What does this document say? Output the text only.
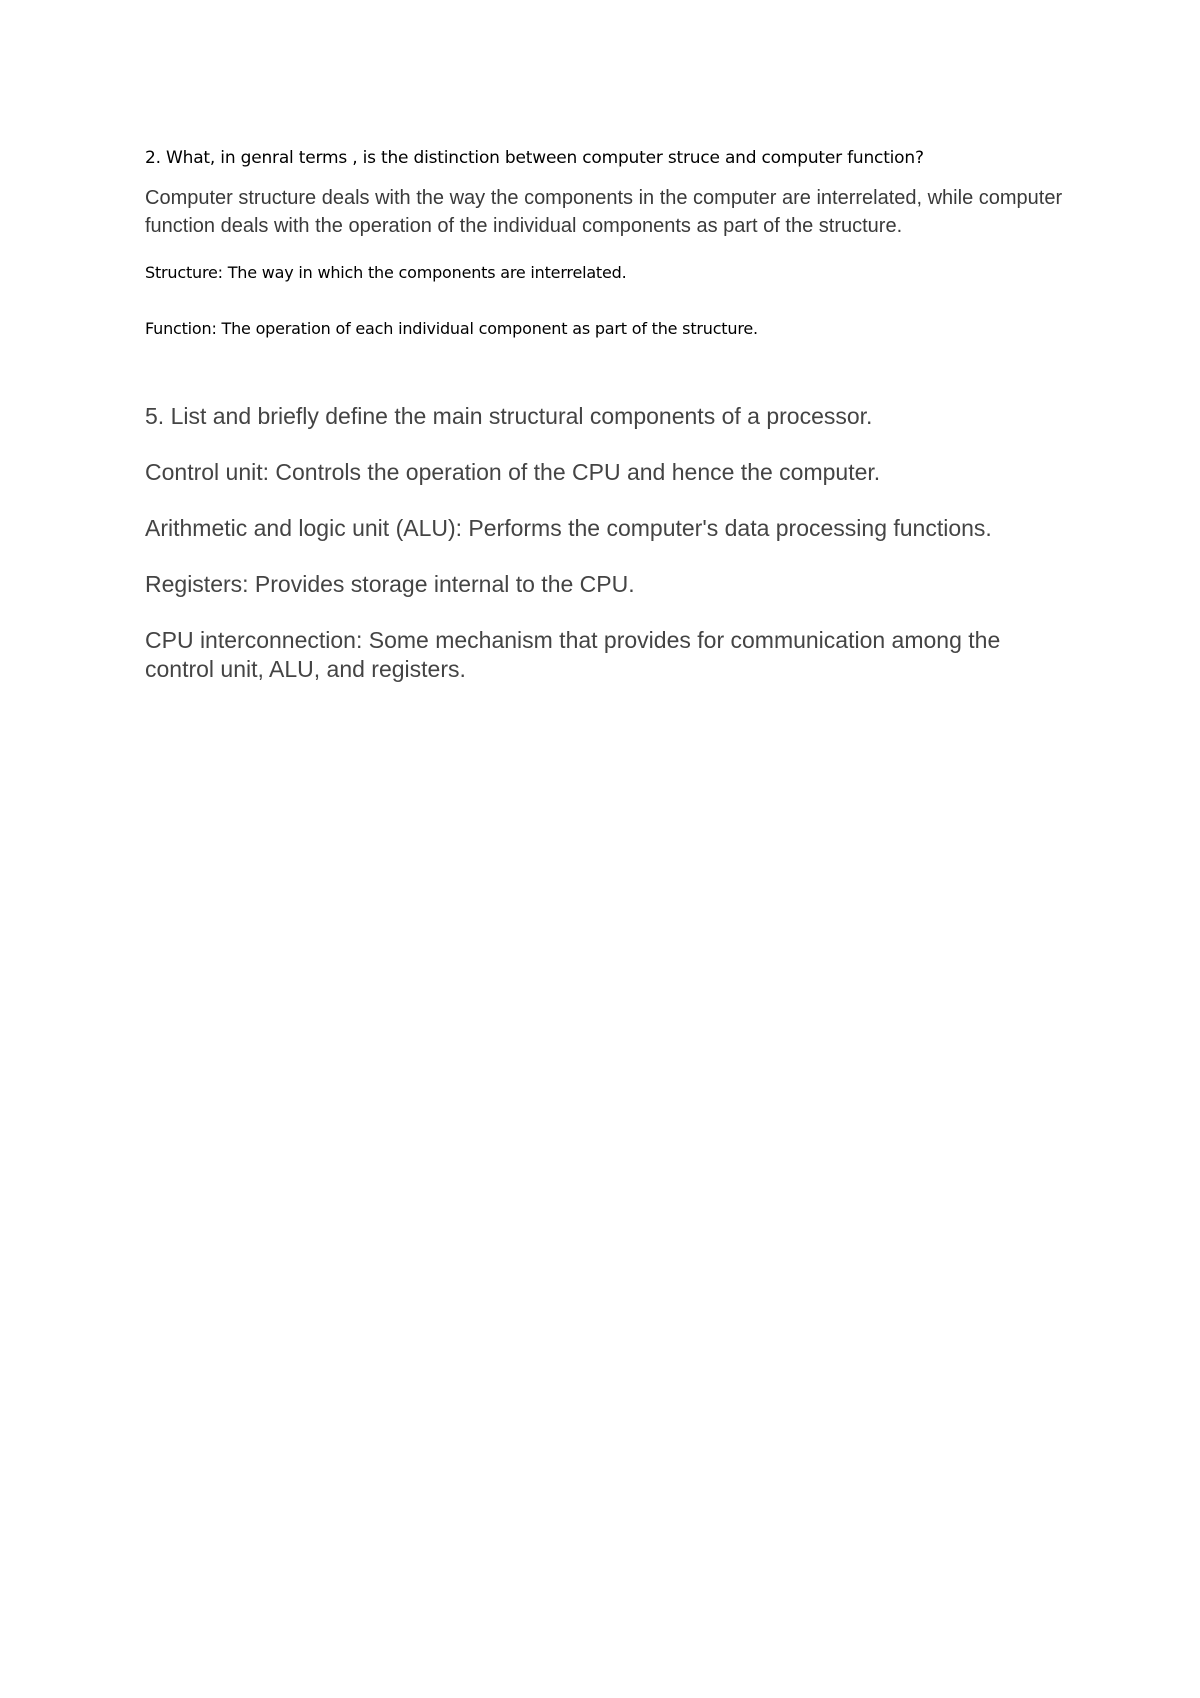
2. What, in genral terms , is the distinction between computer struce and computer function?

Computer structure deals with the way the components in the computer are interrelated, while computer function deals with the operation of the individual components as part of the structure.

Structure: The way in which the components are interrelated.

Function: The operation of each individual component as part of the structure.

5. List and briefly define the main structural components of a processor.

Control unit: Controls the operation of the CPU and hence the computer.

Arithmetic and logic unit (ALU): Performs the computer's data processing functions.

Registers: Provides storage internal to the CPU.

CPU interconnection: Some mechanism that provides for communication among the control unit, ALU, and registers.
